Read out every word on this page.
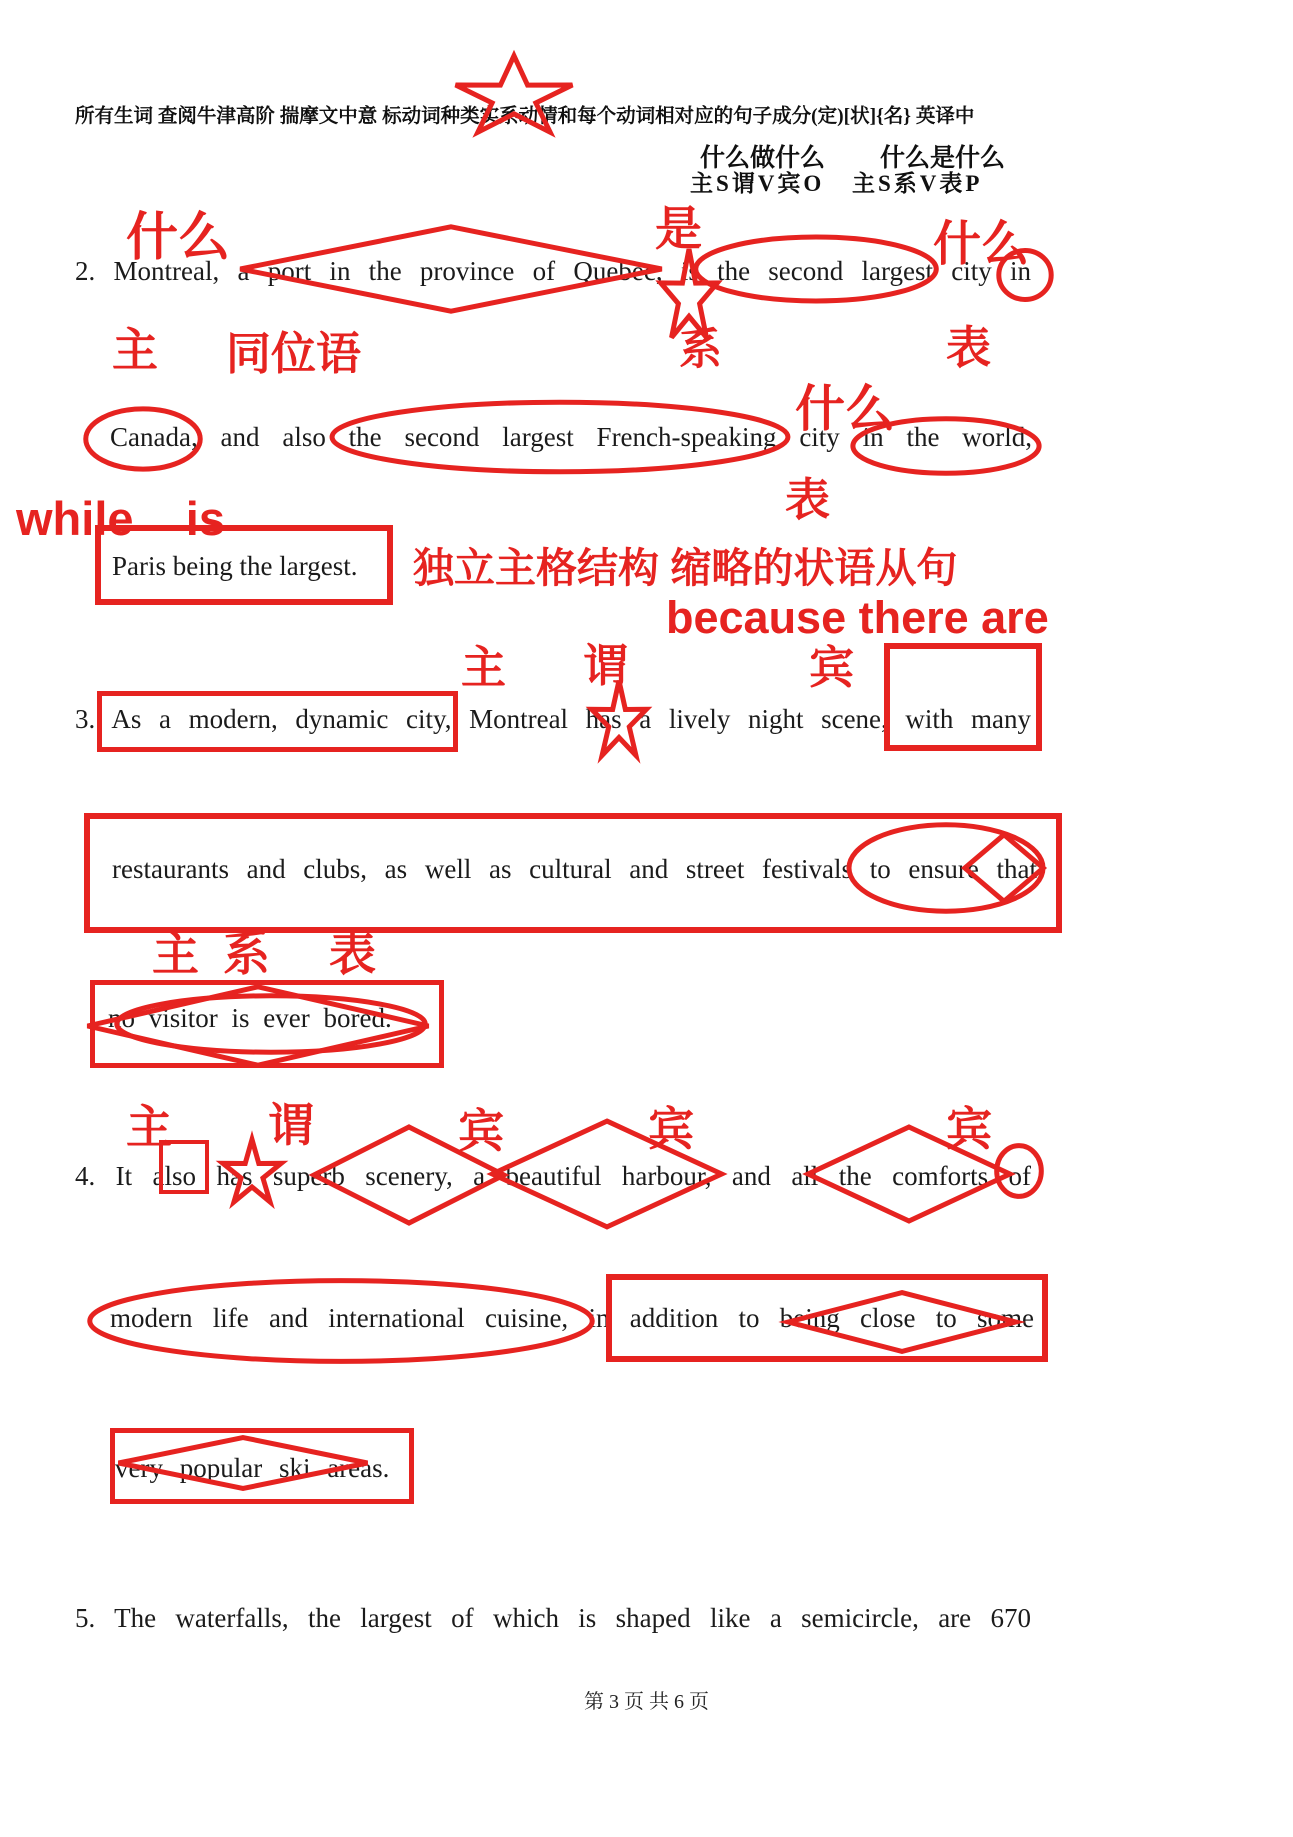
所有生词 查阅牛津高阶 揣摩文中意 标动词种类实系动情和每个动词相对应的句子成分(定)[状]{名} 英译中
什么做什么 什么是什么
主S谓V宾O 主S系V表P
什么	是	什么
2. Montreal, a port in the province of Quebec, is the second largest city in
主 同位语	系	表
Canada, and also the second largest French-speaking city in the world,
什么
表
while    is
Paris being the largest. 独立主格结构 缩略的状语从句
because there are
主 谓	宾
3. As a modern, dynamic city, Montreal has a lively night scene, with many
restaurants and clubs, as well as cultural and street festivals to ensure that
主 系 表
no visitor is ever bored.
主 谓	宾	宾	宾
4. It also has superb scenery, a beautiful harbour, and all the comforts of
modern life and international cuisine, in addition to being close to some
very popular ski areas.
5. The waterfalls, the largest of which is shaped like a semicircle, are 670
第 3 页 共 6 页
